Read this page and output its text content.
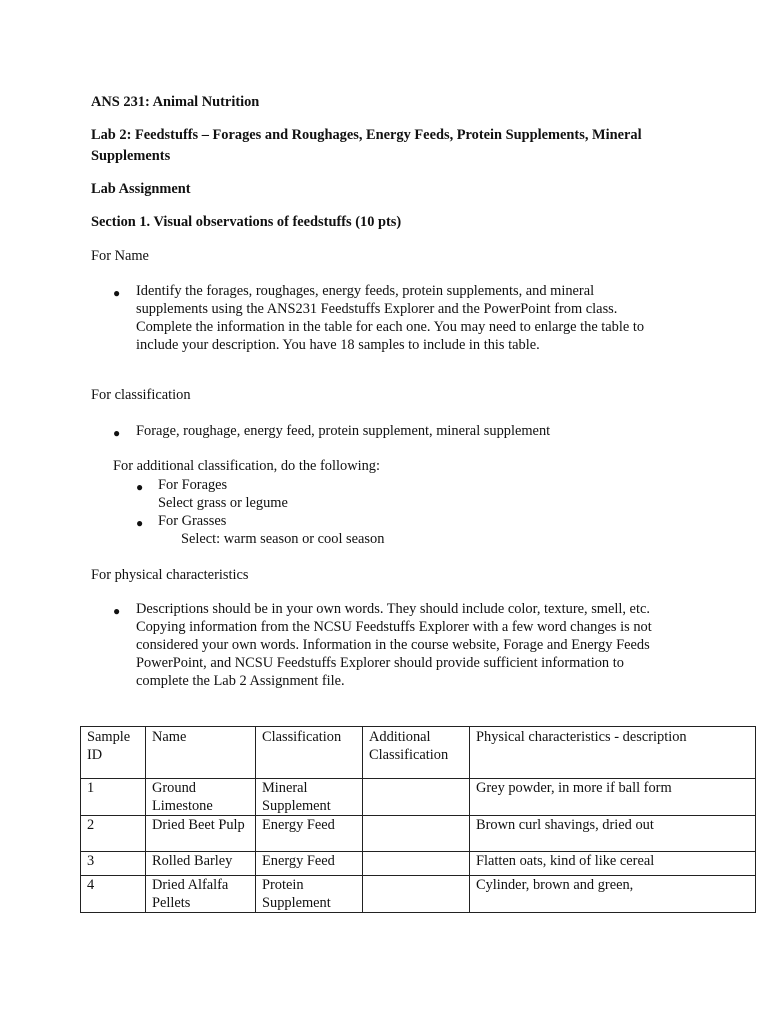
ANS 231: Animal Nutrition

Lab 2: Feedstuffs – Forages and Roughages, Energy Feeds, Protein Supplements, Mineral

Supplements

Lab Assignment

Section 1. Visual observations of feedstuffs (10 pts)

For Name

● Identify the forages, roughages, energy feeds, protein supplements, and mineral
supplements using the ANS231 Feedstuffs Explorer and the PowerPoint from class.
Complete the information in the table for each one. You may need to enlarge the table to
include your description. You have 18 samples to include in this table.

For classification

● Forage, roughage, energy feed, protein supplement, mineral supplement

For additional classification, do the following:

● For Forages

Select grass or legume

● For Grasses

Select: warm season or cool season

For physical characteristics

● Descriptions should be in your own words. They should include color, texture, smell, etc.
Copying information from the NCSU Feedstuffs Explorer with a few word changes is not
considered your own words. Information in the course website, Forage and Energy Feeds
PowerPoint, and NCSU Feedstuffs Explorer should provide sufficient information to
complete the Lab 2 Assignment file.
Sample ID	Name	Classification	Additional Classification	Physical characteristics - description
1	Ground Limestone	Mineral Supplement		Grey powder, in more if ball form
2	Dried Beet Pulp	Energy Feed		Brown curl shavings, dried out
3	Rolled Barley	Energy Feed		Flatten oats, kind of like cereal
4	Dried Alfalfa Pellets	Protein Supplement		Cylinder, brown and green,
